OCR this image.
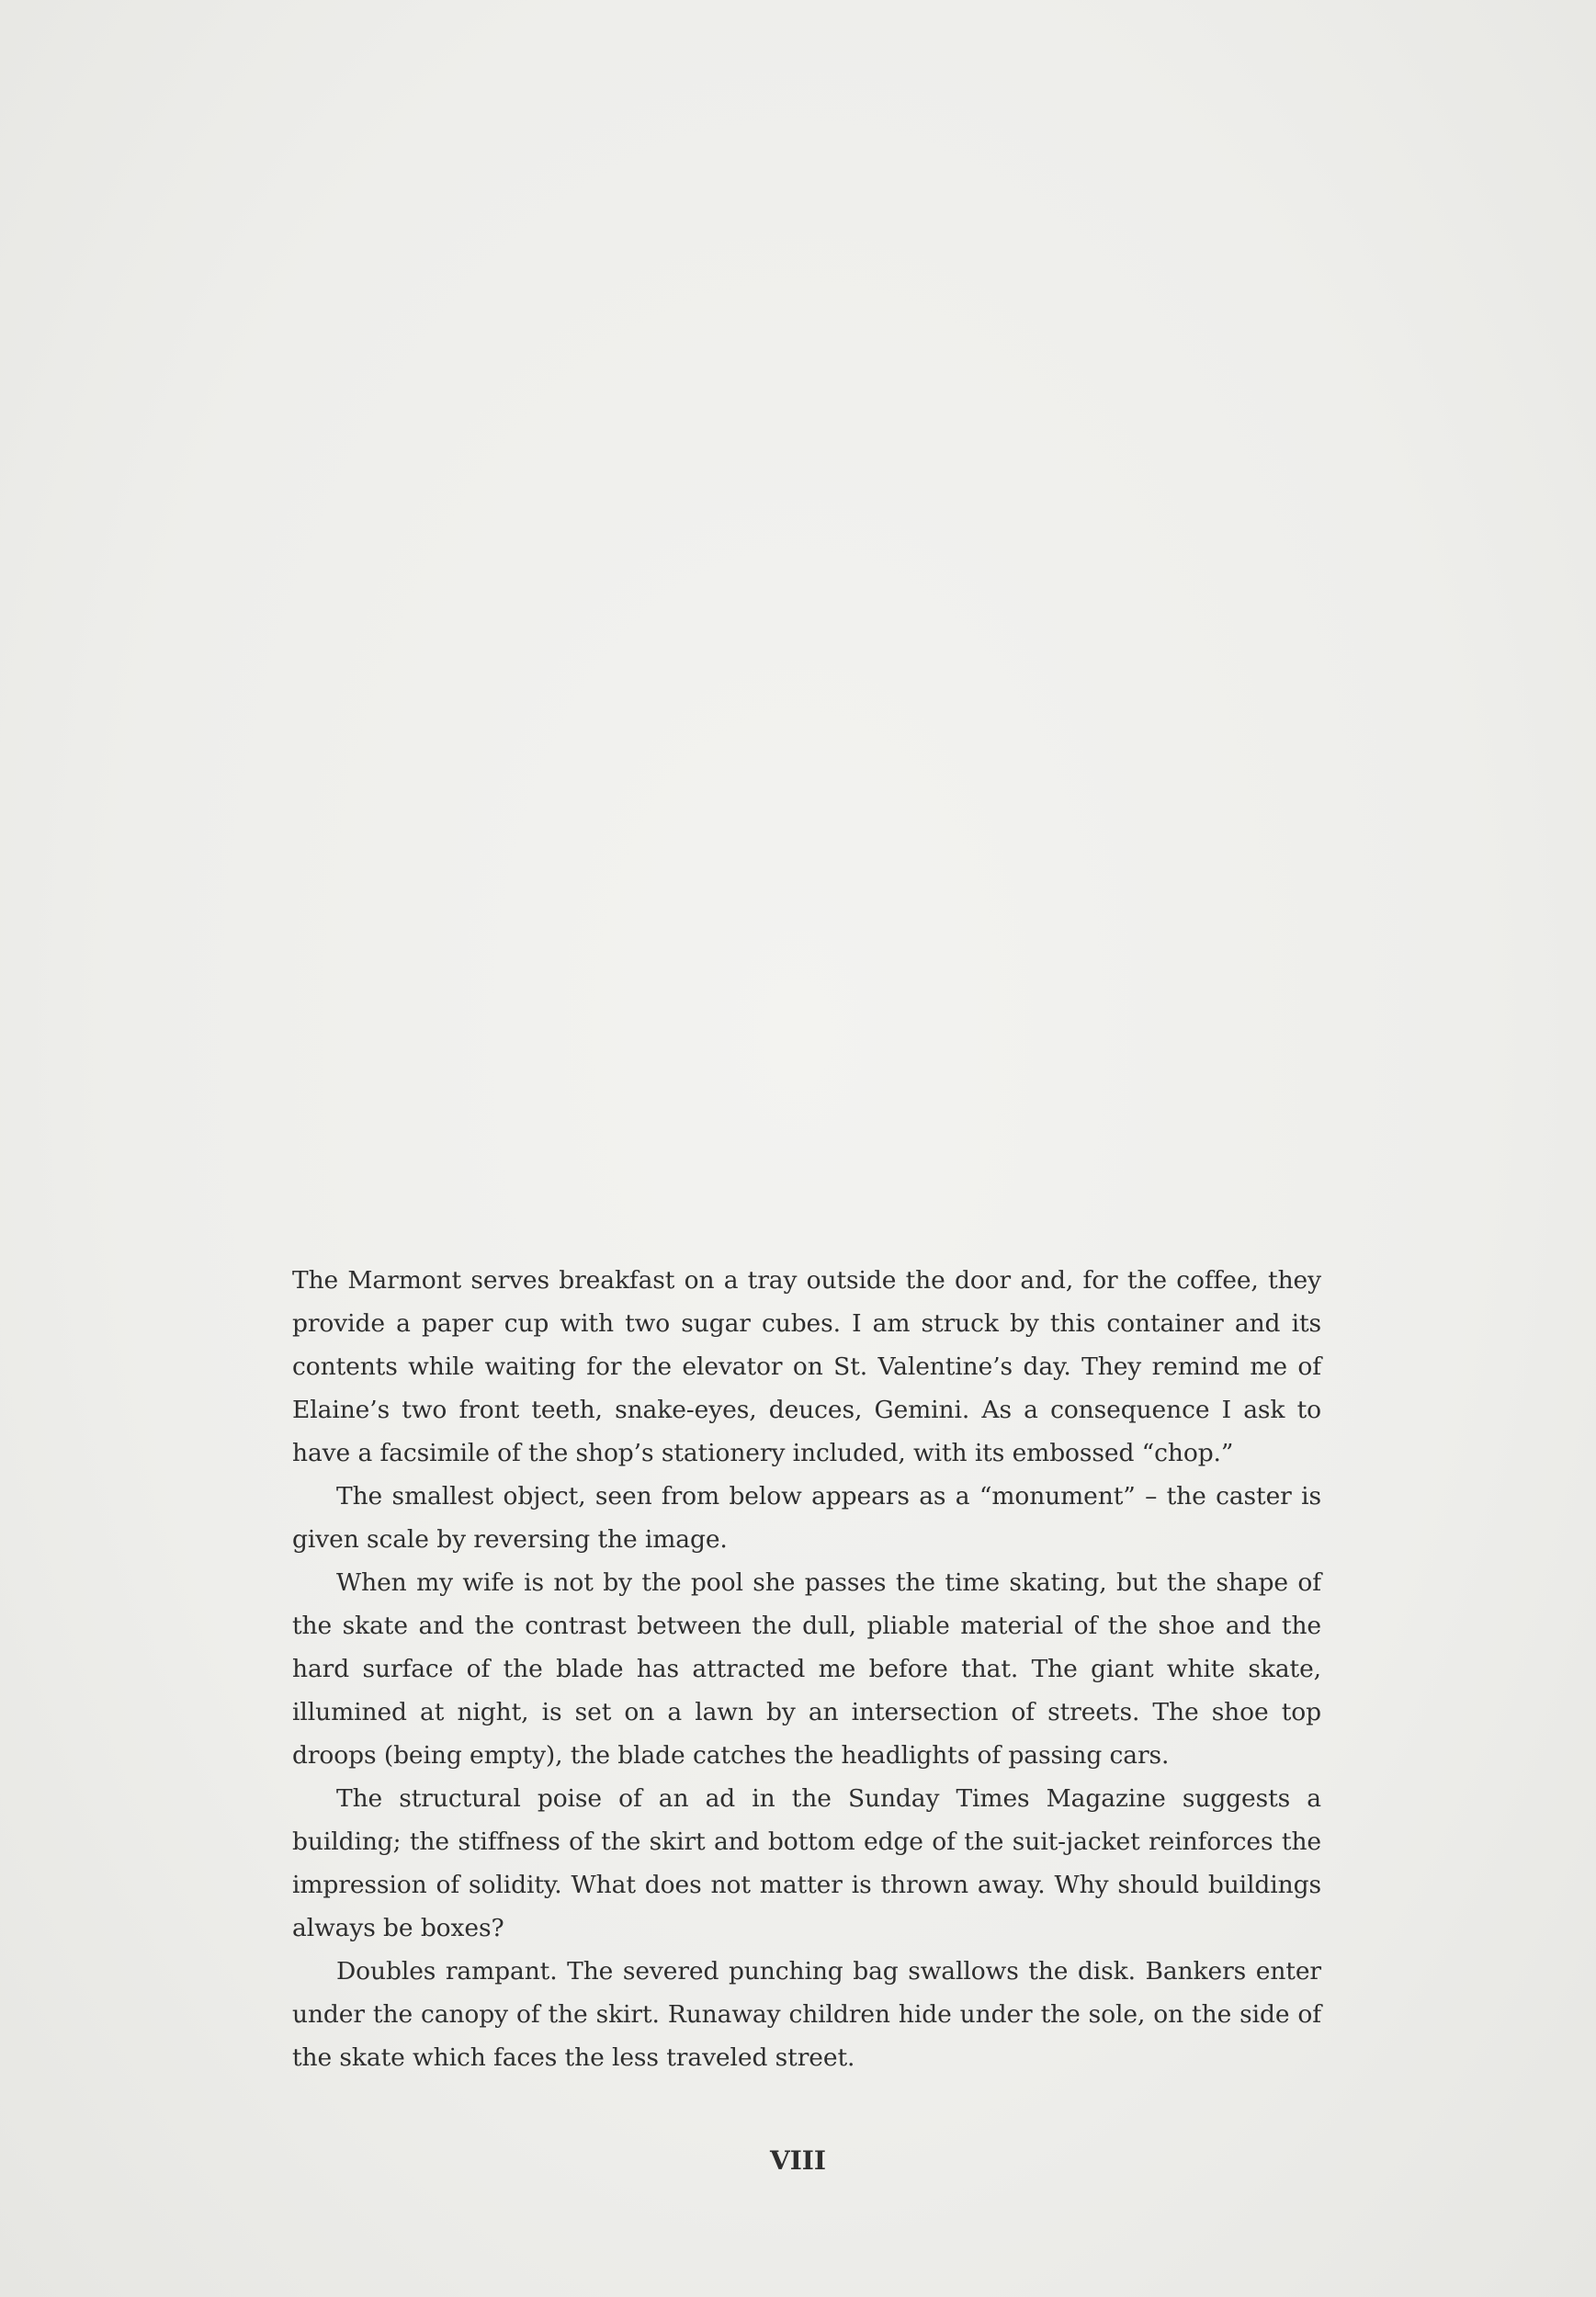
The Marmont serves breakfast on a tray outside the door and, for the coffee, they provide a paper cup with two sugar cubes. I am struck by this container and its contents while waiting for the elevator on St. Valentine’s day. They remind me of Elaine’s two front teeth, snake-eyes, deuces, Gemini. As a consequence I ask to have a facsimile of the shop’s stationery included, with its embossed “chop.”

The smallest object, seen from below appears as a “monument” – the caster is given scale by reversing the image.

When my wife is not by the pool she passes the time skating, but the shape of the skate and the contrast between the dull, pliable material of the shoe and the hard surface of the blade has attracted me before that. The giant white skate, illumined at night, is set on a lawn by an intersection of streets. The shoe top droops (being empty), the blade catches the headlights of passing cars.

The structural poise of an ad in the Sunday Times Magazine suggests a building; the stiffness of the skirt and bottom edge of the suit-jacket reinforces the impression of solidity. What does not matter is thrown away. Why should buildings always be boxes?

Doubles rampant. The severed punching bag swallows the disk. Bankers enter under the canopy of the skirt. Runaway children hide under the sole, on the side of the skate which faces the less traveled street.

VIII
